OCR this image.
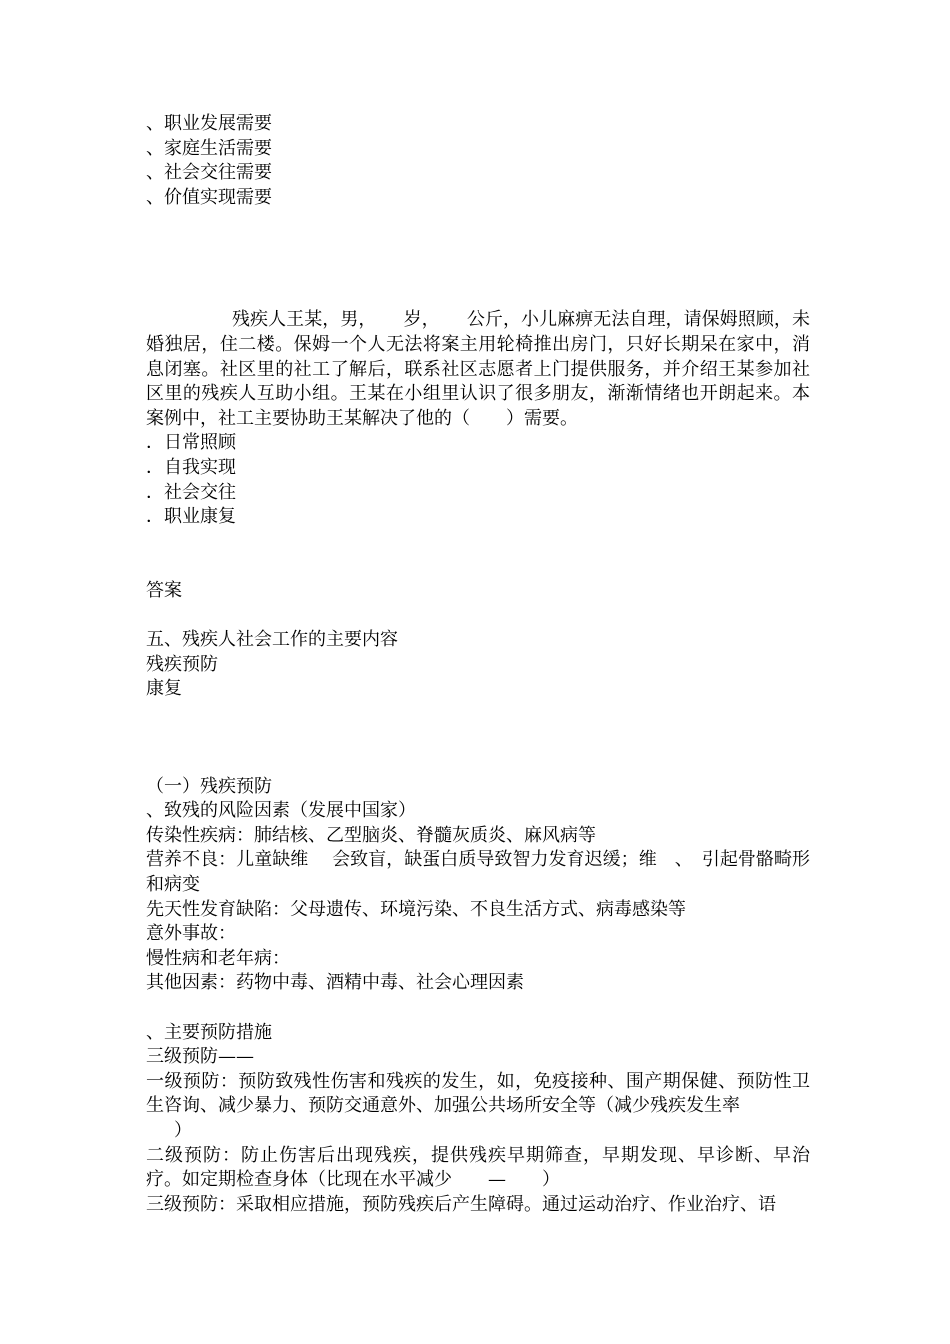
、职业发展需要
、家庭生活需要
、社会交往需要
、价值实现需要
残疾人王某，男，　　岁，　　公斤，小儿麻痹无法自理，请保姆照顾，未婚独居，住二楼。保姆一个人无法将案主用轮椅推出房门，只好长期呆在家中，消息闭塞。社区里的社工了解后，联系社区志愿者上门提供服务，并介绍王某参加社区里的残疾人互助小组。王某在小组里认识了很多朋友，渐渐情绪也开朗起来。本案例中，社工主要协助王某解决了他的（　　）需要。
．日常照顾
．自我实现
．社会交往
．职业康复
答案
五、残疾人社会工作的主要内容
残疾预防
康复
（一）残疾预防
、致残的风险因素（发展中国家）
传染性疾病：肺结核、乙型脑炎、脊髓灰质炎、麻风病等
营养不良：儿童缺维　 会致盲，缺蛋白质导致智力发育迟缓；维　、　引起骨骼畸形和病变
先天性发育缺陷：父母遗传、环境污染、不良生活方式、病毒感染等
意外事故：
慢性病和老年病：
其他因素：药物中毒、酒精中毒、社会心理因素
、主要预防措施
三级预防——
一级预防：预防致残性伤害和残疾的发生，如，免疫接种、围产期保健、预防性卫生咨询、减少暴力、预防交通意外、加强公共场所安全等（减少残疾发生率
）
二级预防：防止伤害后出现残疾，提供残疾早期筛查，早期发现、早诊断、早治疗。如定期检查身体（比现在水平减少　　—　　）
三级预防：采取相应措施，预防残疾后产生障碍。通过运动治疗、作业治疗、语
